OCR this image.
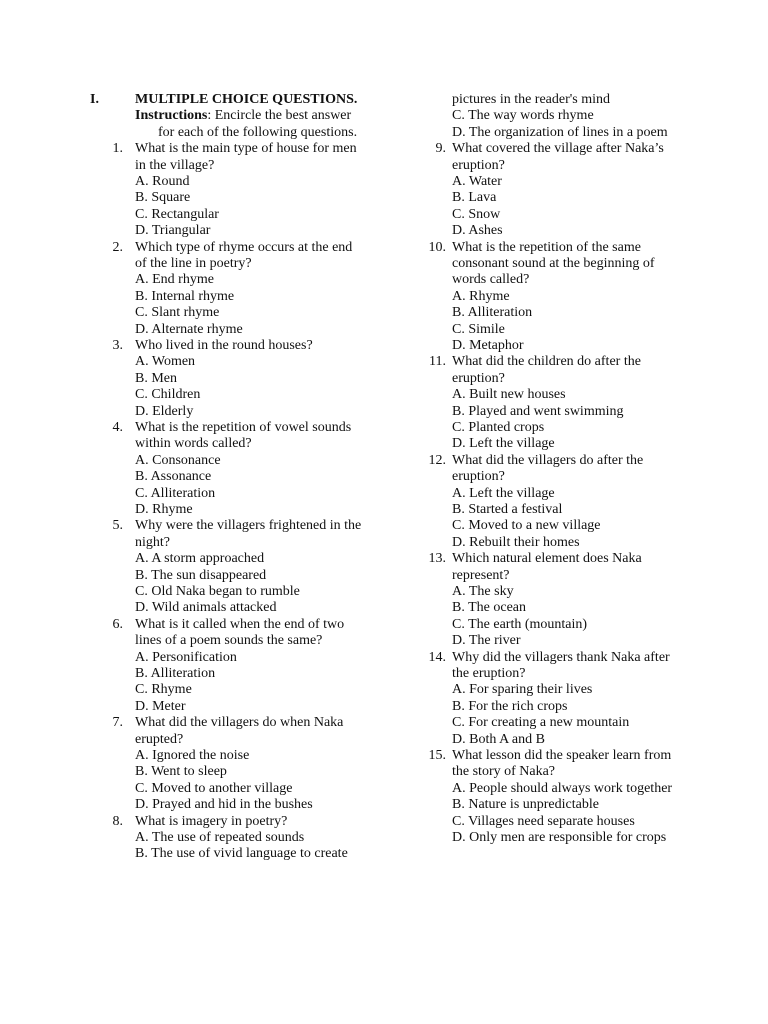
I.	MULTIPLE CHOICE QUESTIONS.
Instructions: Encircle the best answer
for each of the following questions.
1. What is the main type of house for men
in the village?
A. Round
B. Square
C. Rectangular
D. Triangular
2. Which type of rhyme occurs at the end
of the line in poetry?
A. End rhyme
B. Internal rhyme
C. Slant rhyme
D. Alternate rhyme
3. Who lived in the round houses?
A. Women
B. Men
C. Children
D. Elderly
4. What is the repetition of vowel sounds
within words called?
A. Consonance
B. Assonance
C. Alliteration
D. Rhyme
5. Why were the villagers frightened in the
night?
A. A storm approached
B. The sun disappeared
C. Old Naka began to rumble
D. Wild animals attacked
6. What is it called when the end of two
lines of a poem sounds the same?
A. Personification
B. Alliteration
C. Rhyme
D. Meter
7. What did the villagers do when Naka
erupted?
A. Ignored the noise
B. Went to sleep
C. Moved to another village
D. Prayed and hid in the bushes
8. What is imagery in poetry?
A. The use of repeated sounds
B. The use of vivid language to create
pictures in the reader's mind
C. The way words rhyme
D. The organization of lines in a poem
9. What covered the village after Naka’s
eruption?
A. Water
B. Lava
C. Snow
D. Ashes
10. What is the repetition of the same
consonant sound at the beginning of
words called?
A. Rhyme
B. Alliteration
C. Simile
D. Metaphor
11. What did the children do after the
eruption?
A. Built new houses
B. Played and went swimming
C. Planted crops
D. Left the village
12. What did the villagers do after the
eruption?
A. Left the village
B. Started a festival
C. Moved to a new village
D. Rebuilt their homes
13. Which natural element does Naka
represent?
A. The sky
B. The ocean
C. The earth (mountain)
D. The river
14. Why did the villagers thank Naka after
the eruption?
A. For sparing their lives
B. For the rich crops
C. For creating a new mountain
D. Both A and B
15. What lesson did the speaker learn from
the story of Naka?
A. People should always work together
B. Nature is unpredictable
C. Villages need separate houses
D. Only men are responsible for crops
